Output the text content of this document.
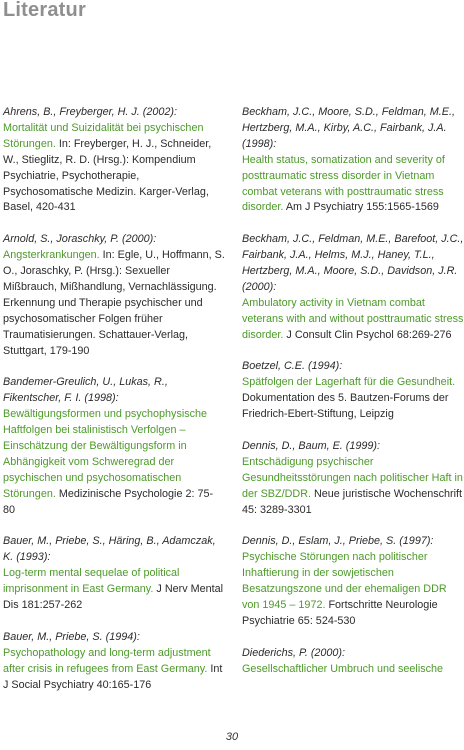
Literatur
Ahrens, B., Freyberger, H. J. (2002):
Mortalität und Suizidalität bei psychischen Störungen. In: Freyberger, H. J., Schneider, W., Stieglitz, R. D. (Hrsg.): Kompendium Psychiatrie, Psychotherapie, Psychosomatische Medizin. Karger-Verlag, Basel, 420-431
Arnold, S., Joraschky, P. (2000):
Angsterkrankungen. In: Egle, U., Hoffmann, S. O., Joraschky, P. (Hrsg.): Sexueller Mißbrauch, Mißhandlung, Vernachlässigung. Erkennung und Therapie psychischer und psychosomatischer Folgen früher Traumatisierungen. Schattauer-Verlag, Stuttgart, 179-190
Bandemer-Greulich, U., Lukas, R., Fikentscher, F. I. (1998):
Bewältigungsformen und psychophysische Haftfolgen bei stalinistisch Verfolgen – Einschätzung der Bewältigungsform in Abhängigkeit vom Schweregrad der psychischen und psychosomatischen Störungen. Medizinische Psychologie 2: 75-80
Bauer, M., Priebe, S., Häring, B., Adamczak, K. (1993):
Log-term mental sequelae of political imprisonment in East Germany. J Nerv Mental Dis 181:257-262
Bauer, M., Priebe, S. (1994):
Psychopathology and long-term adjustment after crisis in refugees from East Germany. Int J Social Psychiatry 40:165-176
Beckham, J.C., Moore, S.D., Feldman, M.E., Hertzberg, M.A., Kirby, A.C., Fairbank, J.A. (1998):
Health status, somatization and severity of posttraumatic stress disorder in Vietnam combat veterans with posttraumatic stress disorder. Am J Psychiatry 155:1565-1569
Beckham, J.C., Feldman, M.E., Barefoot, J.C., Fairbank, J.A., Helms, M.J., Haney, T.L., Hertzberg, M.A., Moore, S.D., Davidson, J.R. (2000):
Ambulatory activity in Vietnam combat veterans with and without posttraumatic stress disorder. J Consult Clin Psychol 68:269-276
Boetzel, C.E. (1994):
Spätfolgen der Lagerhaft für die Gesundheit. Dokumentation des 5. Bautzen-Forums der Friedrich-Ebert-Stiftung, Leipzig
Dennis, D., Baum, E. (1999):
Entschädigung psychischer Gesundheitsstörungen nach politischer Haft in der SBZ/DDR. Neue juristische Wochenschrift 45: 3289-3301
Dennis, D., Eslam, J., Priebe, S. (1997):
Psychische Störungen nach politischer Inhaftierung in der sowjetischen Besatzungszone und der ehemaligen DDR von 1945 – 1972. Fortschritte Neurologie Psychiatrie 65: 524-530
Diederichs, P. (2000):
Gesellschaftlicher Umbruch und seelische
30
